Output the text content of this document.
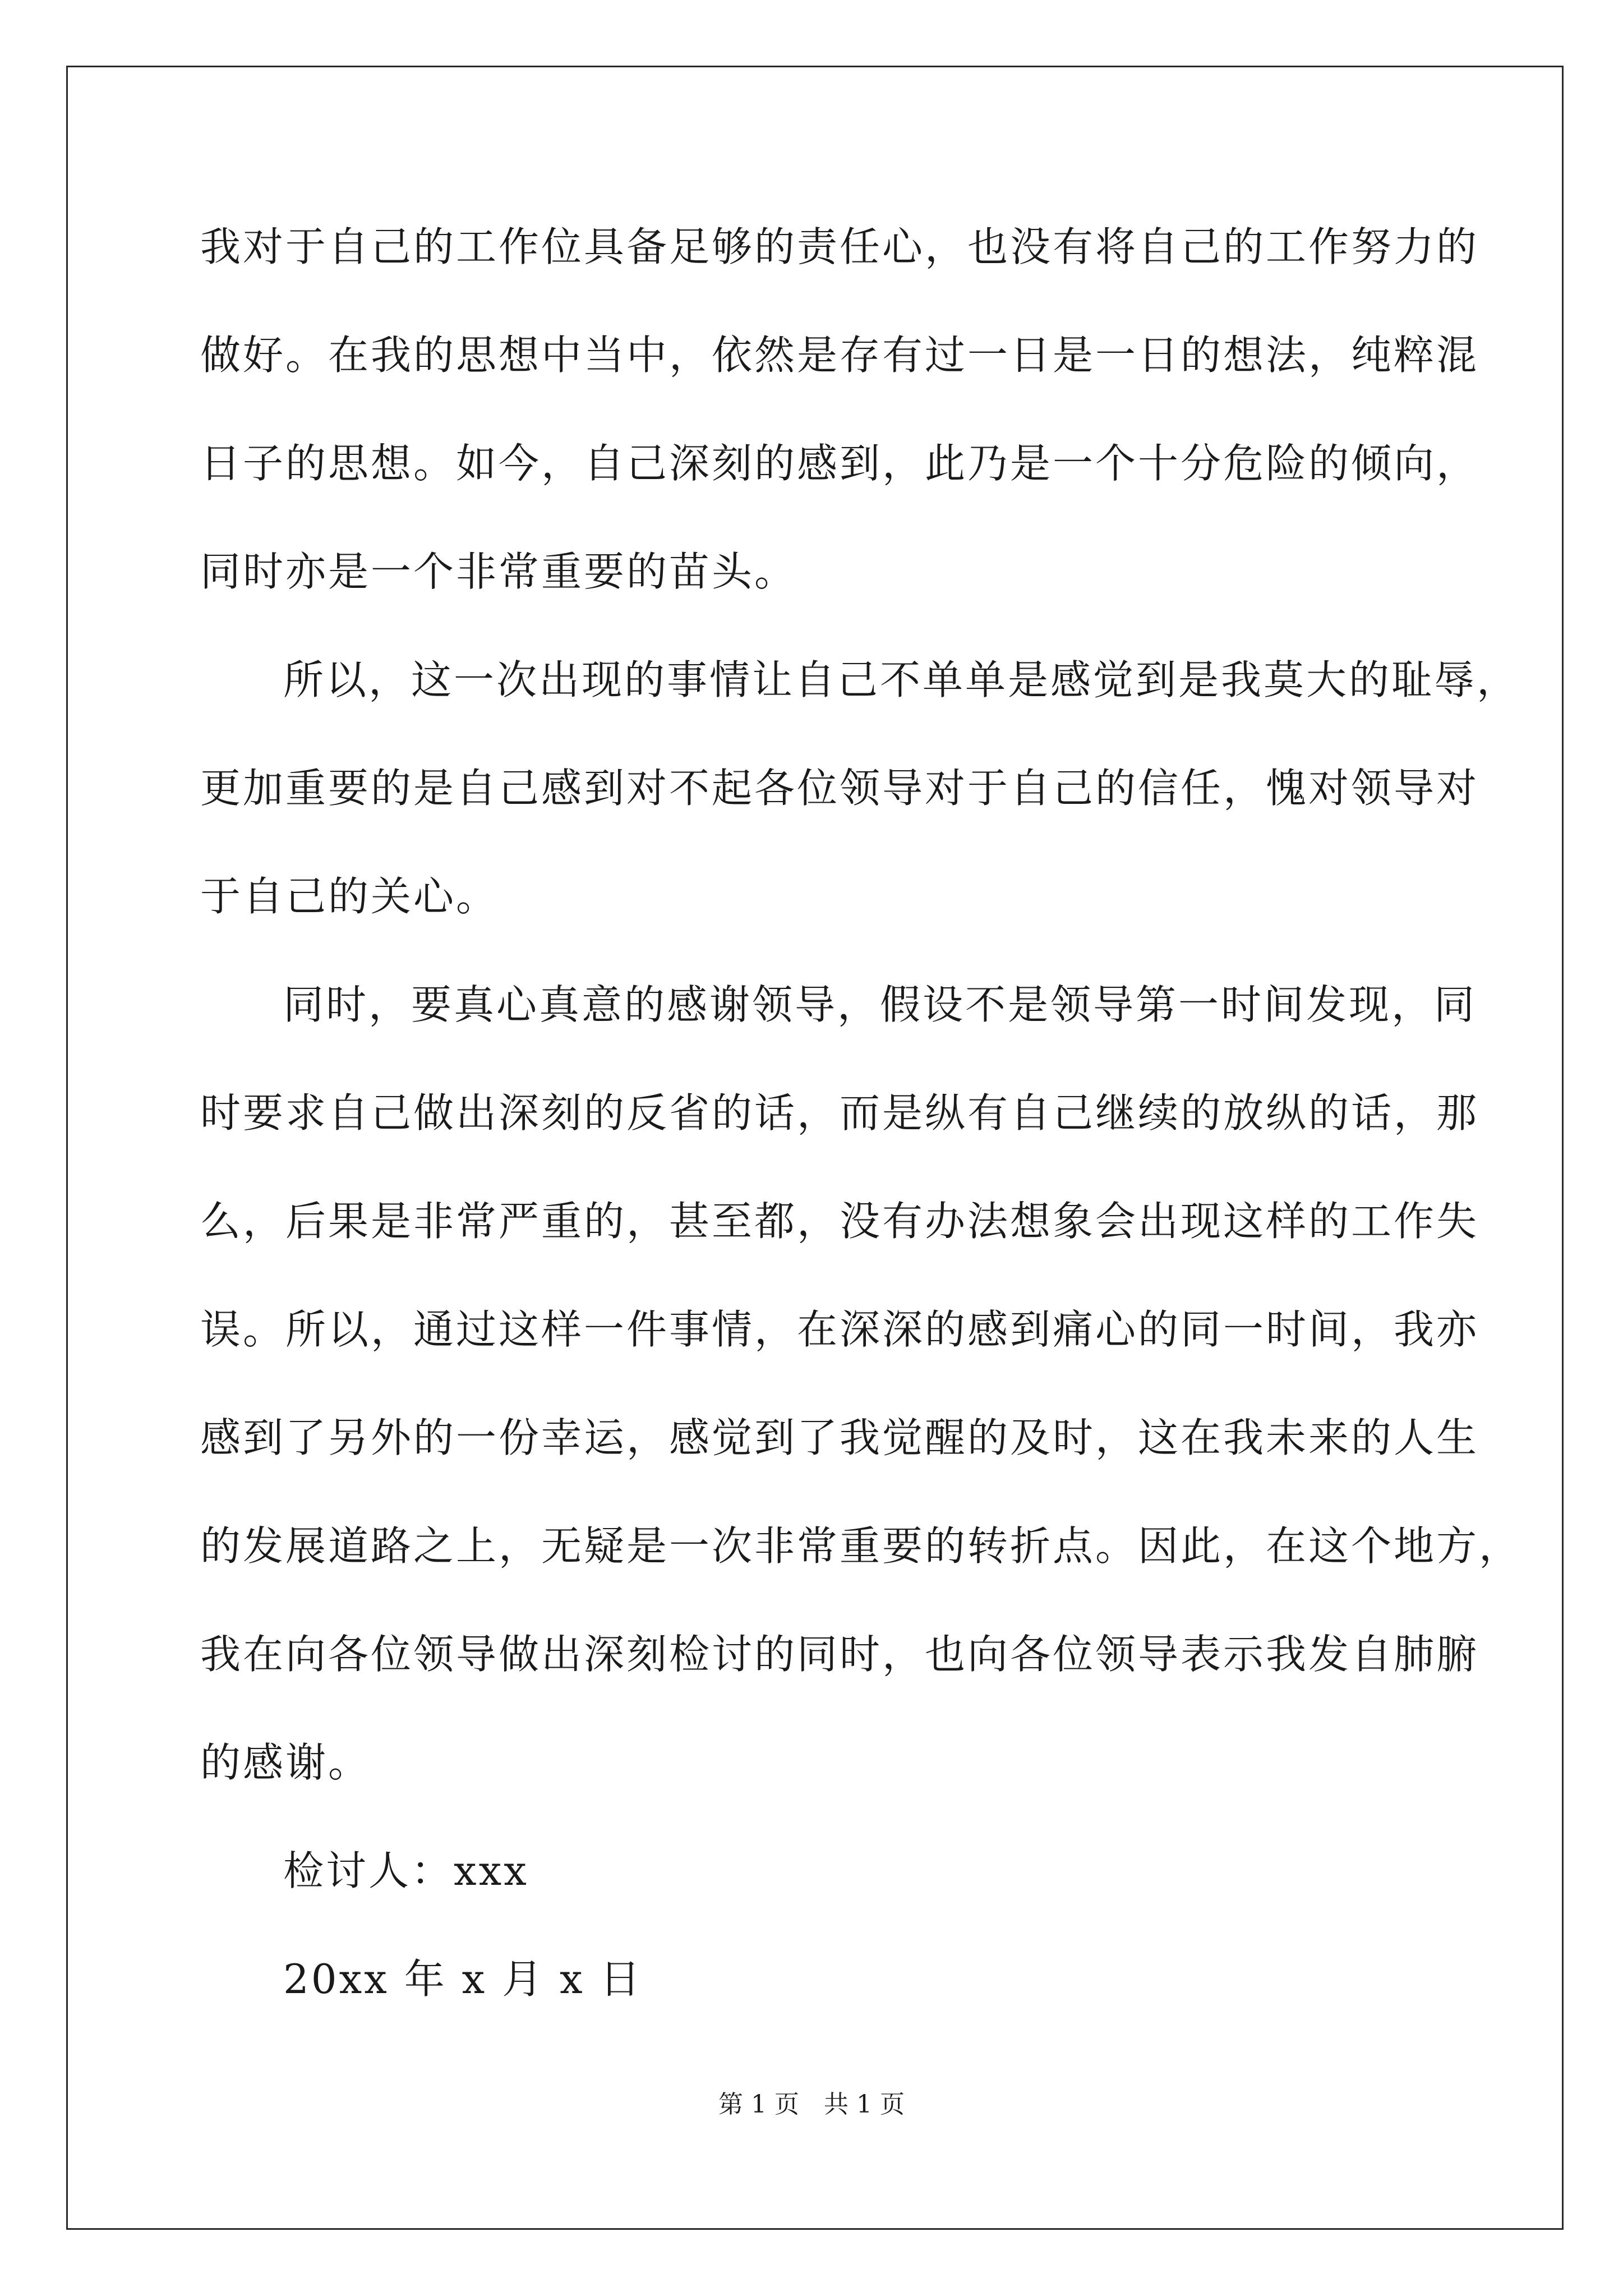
我对于自己的工作位具备足够的责任心，也没有将自己的工作努力的
做好。在我的思想中当中，依然是存有过一日是一日的想法，纯粹混
日子的思想。如今，自己深刻的感到，此乃是一个十分危险的倾向，
同时亦是一个非常重要的苗头。
所以，这一次出现的事情让自己不单单是感觉到是我莫大的耻辱，
更加重要的是自己感到对不起各位领导对于自己的信任，愧对领导对
于自己的关心。
同时，要真心真意的感谢领导，假设不是领导第一时间发现，同
时要求自己做出深刻的反省的话，而是纵有自己继续的放纵的话，那
么，后果是非常严重的，甚至都，没有办法想象会出现这样的工作失
误。所以，通过这样一件事情，在深深的感到痛心的同一时间，我亦
感到了另外的一份幸运，感觉到了我觉醒的及时，这在我未来的人生
的发展道路之上，无疑是一次非常重要的转折点。因此，在这个地方，
我在向各位领导做出深刻检讨的同时，也向各位领导表示我发自肺腑
的感谢。
检讨人：xxx
20xx 年 x 月 x 日
第 1 页　共 1 页
